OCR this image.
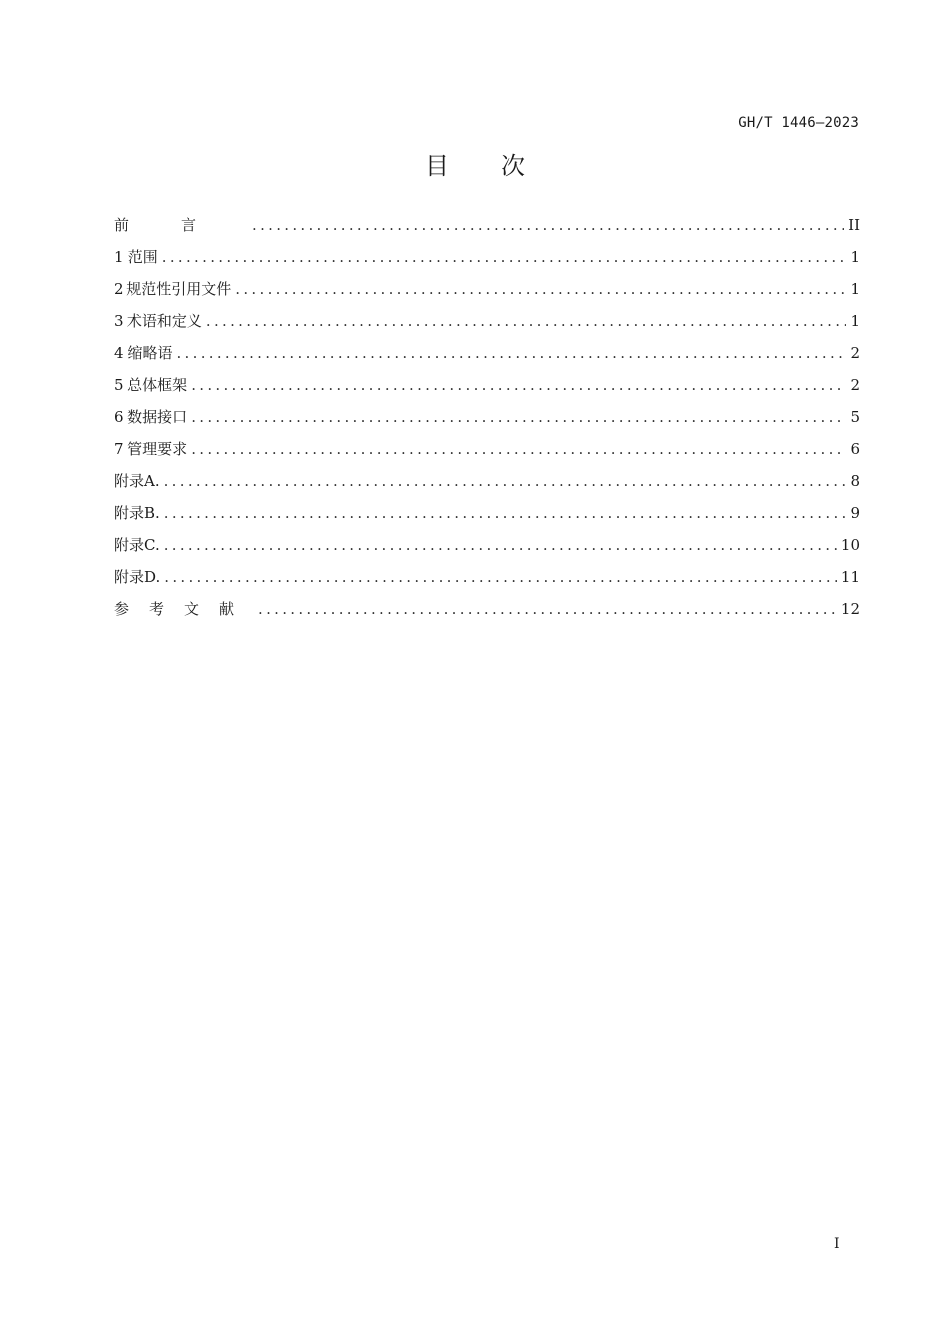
GH/T 1446—2023
目 次
前言 .....	II
1 范围 .....	1
2 规范性引用文件 .....	1
3 术语和定义 .....	1
4 缩略语 .....	2
5 总体框架 .....	2
6 数据接口 .....	5
7 管理要求 .....	6
附录A. .....	8
附录B. .....	9
附录C. .....	10
附录D. .....	11
参考文献 .....	12
I
